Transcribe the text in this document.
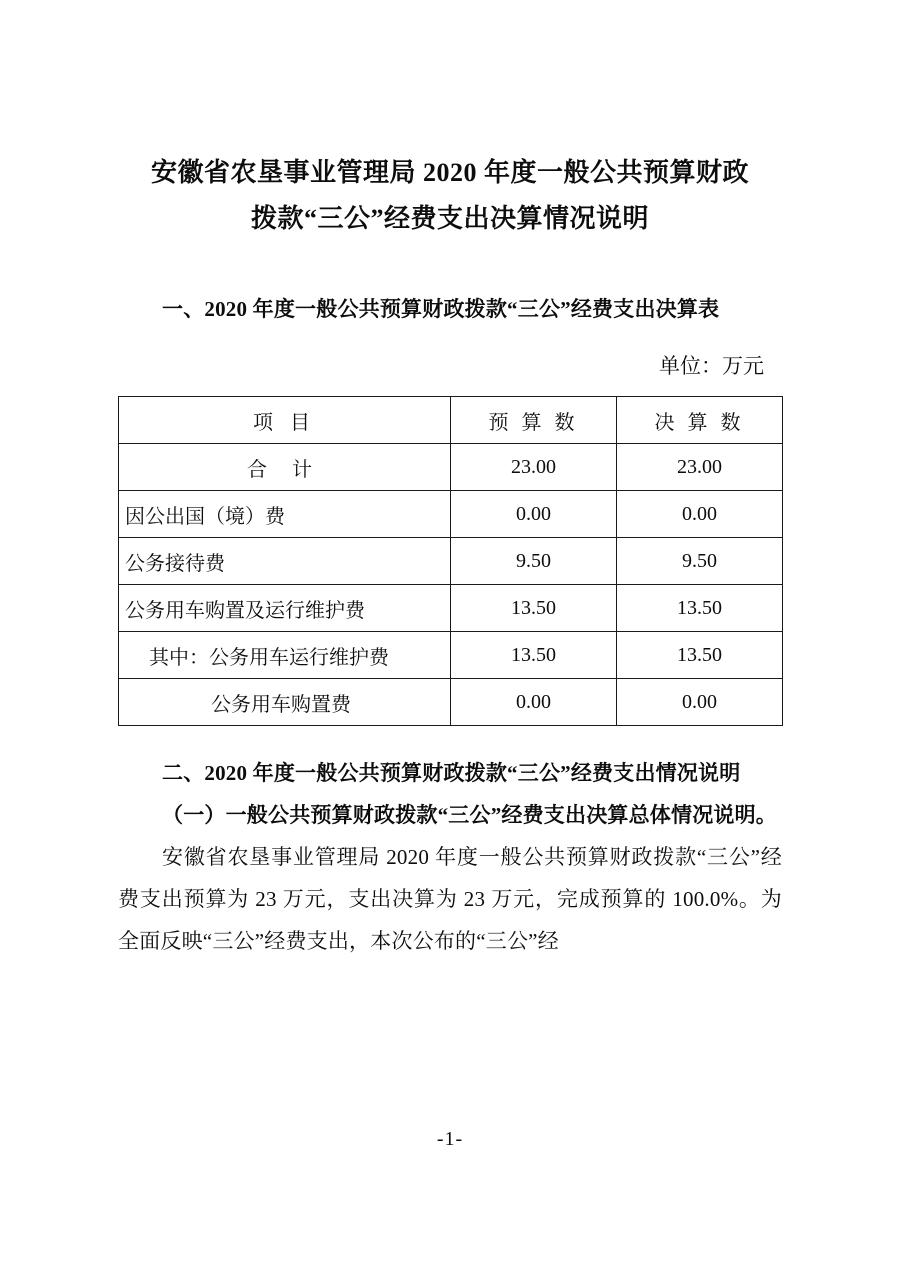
安徽省农垦事业管理局 2020 年度一般公共预算财政
拨款“三公”经费支出决算情况说明

一、2020 年度一般公共预算财政拨款“三公”经费支出决算表

单位：万元
项 目	预 算 数	决 算 数
合 计	23.00	23.00
因公出国（境）费	0.00	0.00
公务接待费	9.50	9.50
公务用车购置及运行维护费	13.50	13.50
其中：公务用车运行维护费	13.50	13.50
公务用车购置费	0.00	0.00

二、2020 年度一般公共预算财政拨款“三公”经费支出情况说明

（一）一般公共预算财政拨款“三公”经费支出决算总体情况说明。

安徽省农垦事业管理局 2020 年度一般公共预算财政拨款“三公”经费支出预算为 23 万元，支出决算为 23 万元，完成预算的 100.0%。为全面反映“三公”经费支出，本次公布的“三公”经

-1-
